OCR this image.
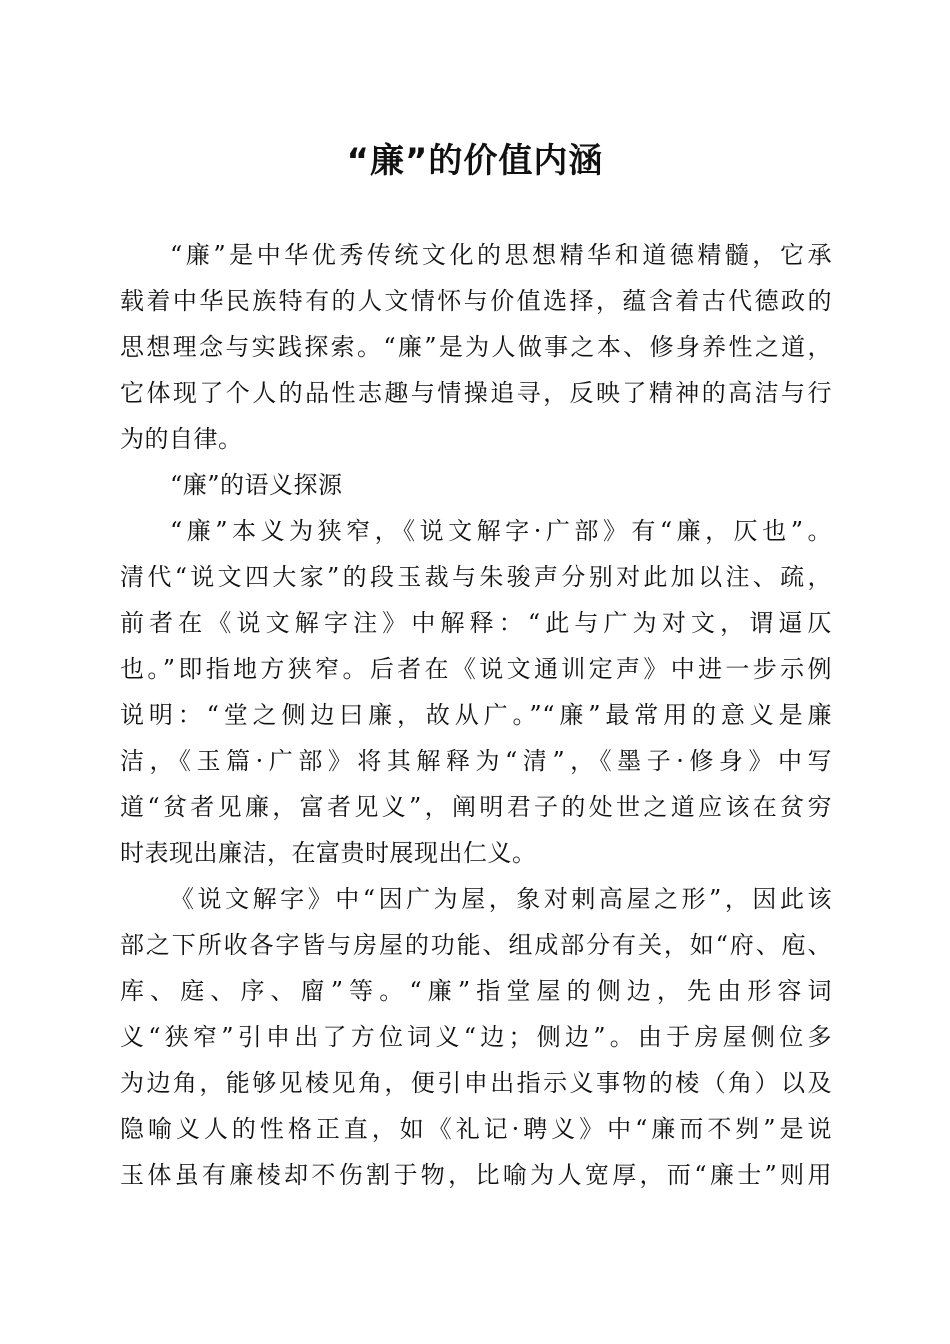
“廉”的价值内涵
“廉”是中华优秀传统文化的思想精华和道德精髓，它承
载着中华民族特有的人文情怀与价值选择，蕴含着古代德政的
思想理念与实践探索。“廉”是为人做事之本、修身养性之道，
它体现了个人的品性志趣与情操追寻，反映了精神的高洁与行
为的自律。
“廉”的语义探源
“廉”本义为狭窄，《说文解字·广部》有“廉，仄也”。
清代“说文四大家”的段玉裁与朱骏声分别对此加以注、疏，
前者在《说文解字注》中解释：“此与广为对文，谓逼仄
也。”即指地方狭窄。后者在《说文通训定声》中进一步示例
说明：“堂之侧边曰廉，故从广。”“廉”最常用的意义是廉
洁，《玉篇·广部》将其解释为“清”，《墨子·修身》中写
道“贫者见廉，富者见义”，阐明君子的处世之道应该在贫穷
时表现出廉洁，在富贵时展现出仁义。
《说文解字》中“因广为屋，象对剌高屋之形”，因此该
部之下所收各字皆与房屋的功能、组成部分有关，如“府、庖、
库、庭、序、廇”等。“廉”指堂屋的侧边，先由形容词
义“狭窄”引申出了方位词义“边；侧边”。由于房屋侧位多
为边角，能够见棱见角，便引申出指示义事物的棱（角）以及
隐喻义人的性格正直，如《礼记·聘义》中“廉而不刿”是说
玉体虽有廉棱却不伤割于物，比喻为人宽厚，而“廉士”则用
